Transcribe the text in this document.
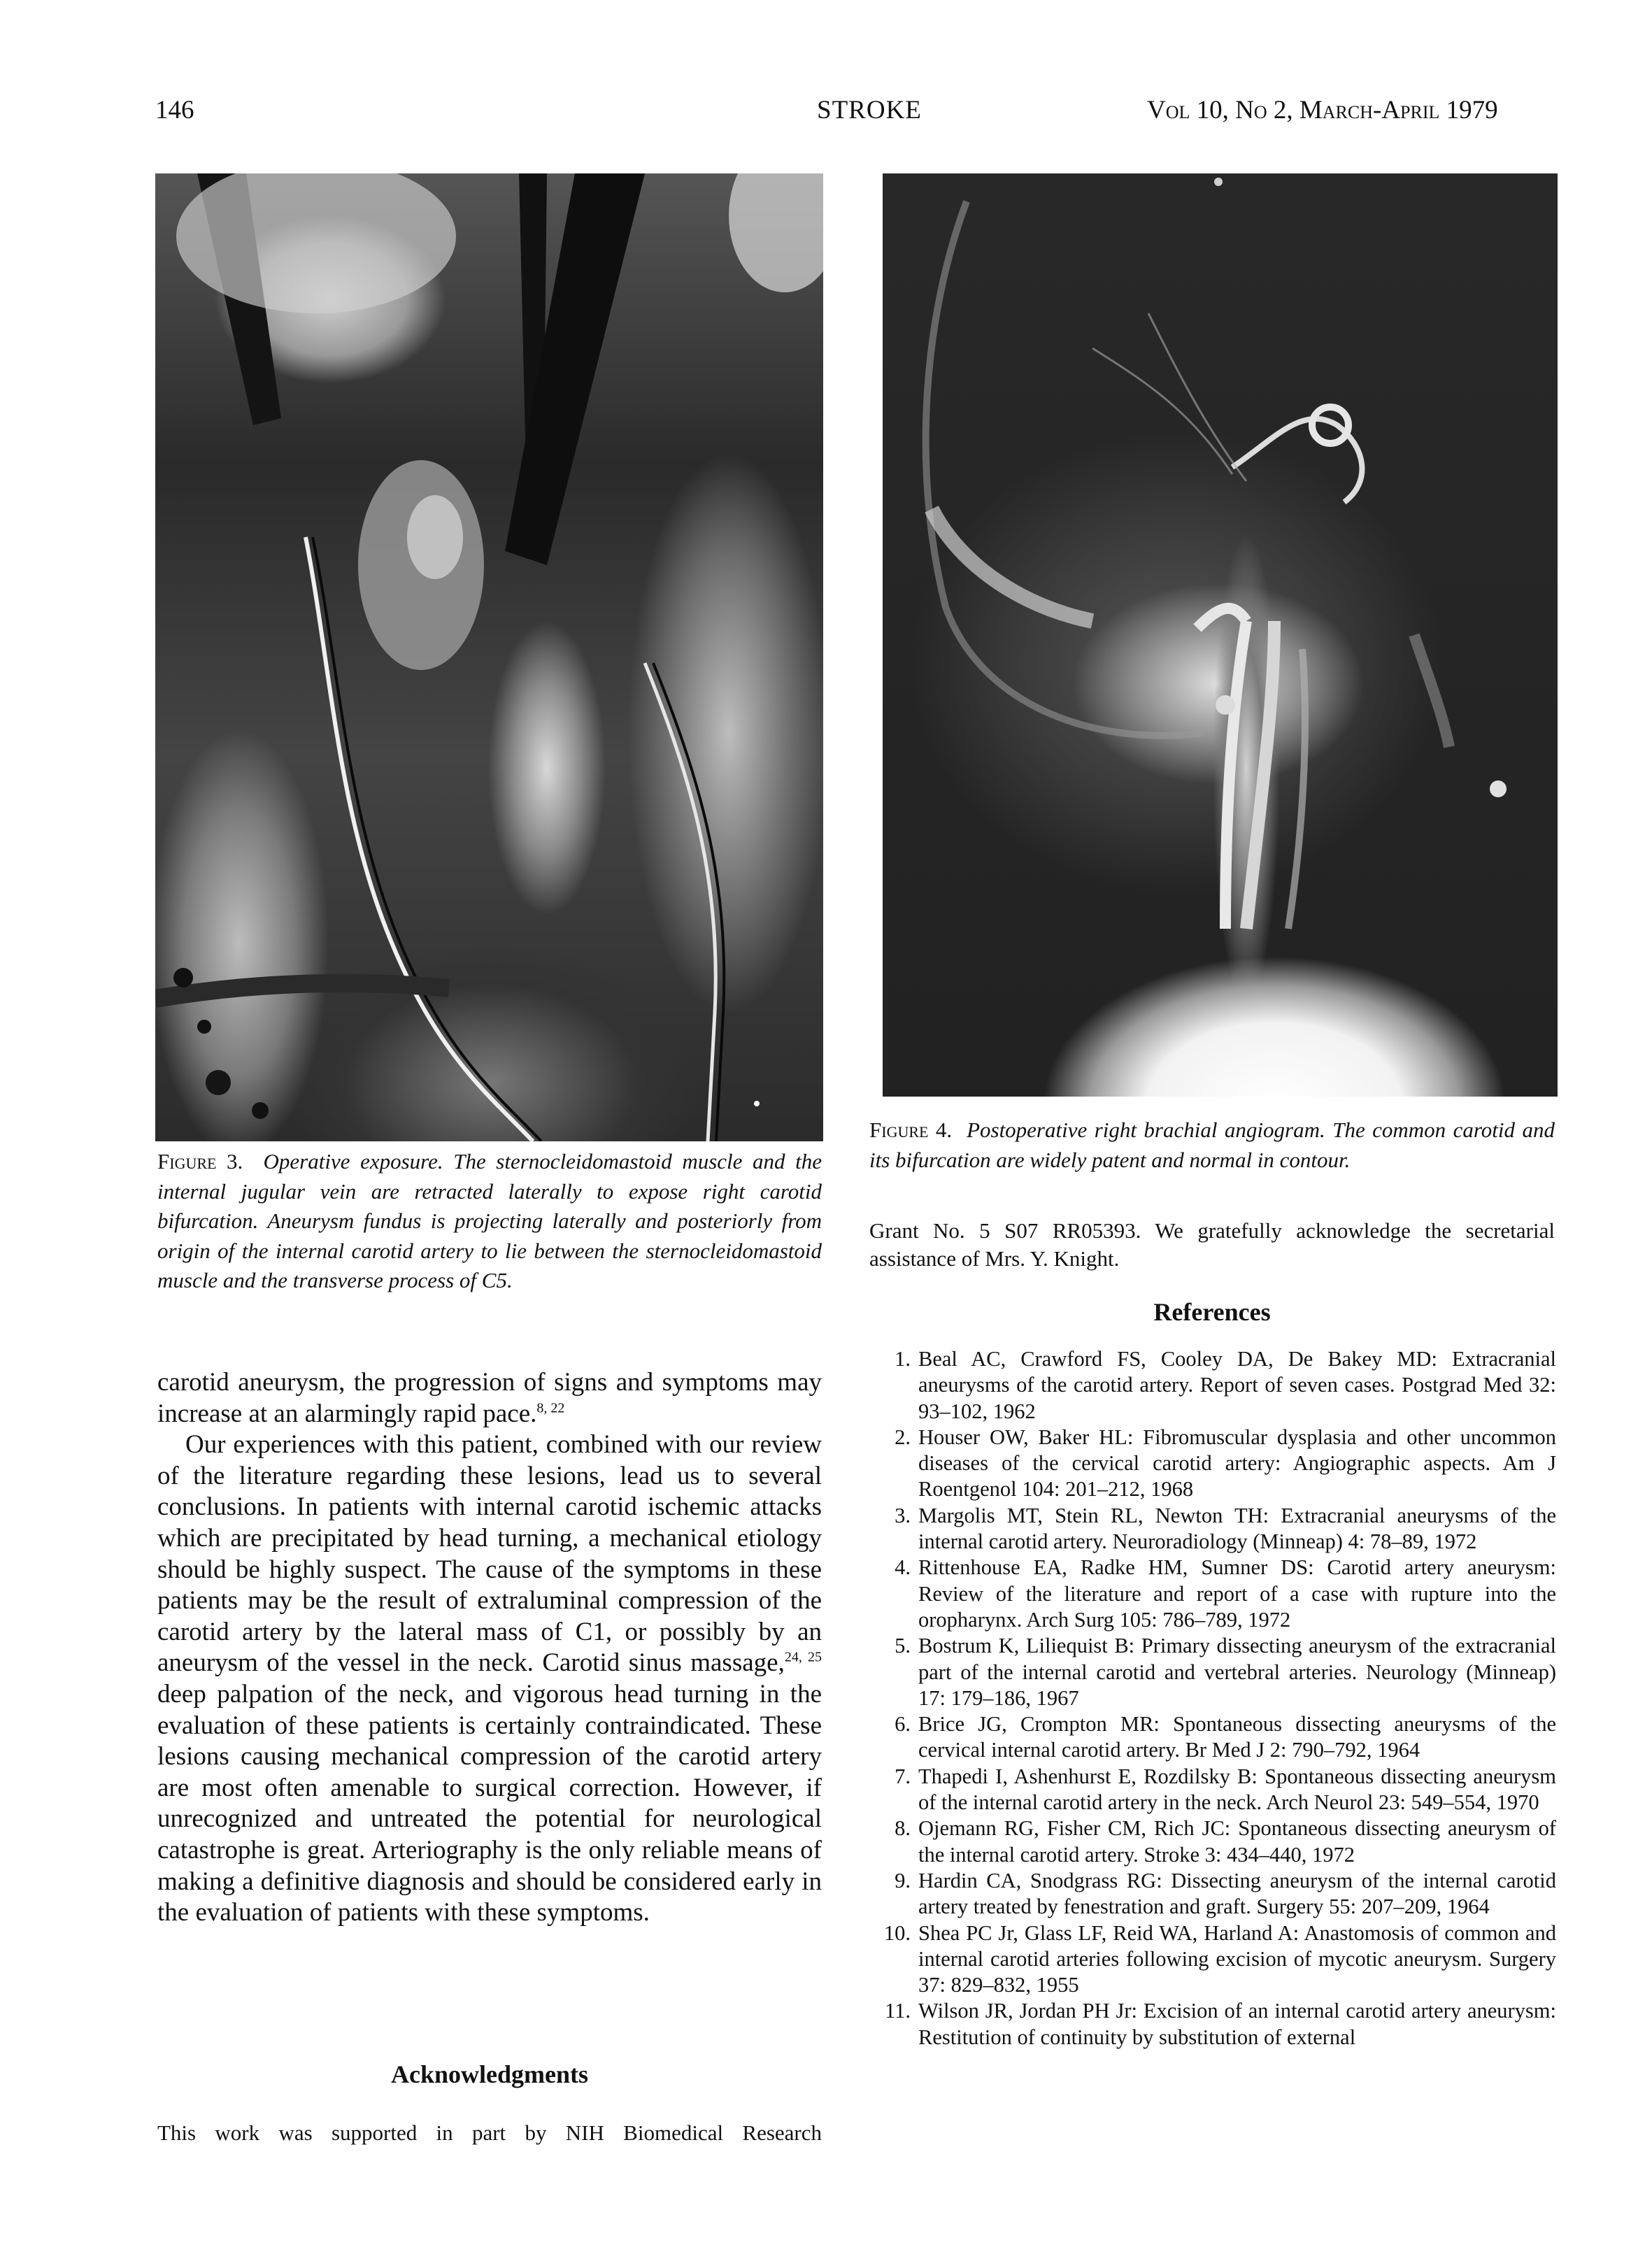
146	STROKE	Vol 10, No 2, March-April 1979
Figure 3. Operative exposure. The sternocleidomastoid muscle and the internal jugular vein are retracted laterally to expose right carotid bifurcation. Aneurysm fundus is projecting laterally and posteriorly from origin of the internal carotid artery to lie between the sternocleidomastoid muscle and the transverse process of C5.
Figure 4. Postoperative right brachial angiogram. The common carotid and its bifurcation are widely patent and normal in contour.

carotid aneurysm, the progression of signs and symptoms may increase at an alarmingly rapid pace.$^{8, 22}$

Our experiences with this patient, combined with our review of the literature regarding these lesions, lead us to several conclusions. In patients with internal carotid ischemic attacks which are precipitated by head turning, a mechanical etiology should be highly suspect. The cause of the symptoms in these patients may be the result of extraluminal compression of the carotid artery by the lateral mass of C1, or possibly by an aneurysm of the vessel in the neck. Carotid sinus massage,$^{24, 25}$ deep palpation of the neck, and vigorous head turning in the evaluation of these patients is certainly contraindicated. These lesions causing mechanical compression of the carotid artery are most often amenable to surgical correction. However, if unrecognized and untreated the potential for neurological catastrophe is great. Arteriography is the only reliable means of making a definitive diagnosis and should be considered early in the evaluation of patients with these symptoms.

Acknowledgments
This work was supported in part by NIH Biomedical Research
Grant No. 5 S07 RR05393. We gratefully acknowledge the secretarial assistance of Mrs. Y. Knight.
References
1. Beal AC, Crawford FS, Cooley DA, De Bakey MD: Extracranial aneurysms of the carotid artery. Report of seven cases. Postgrad Med 32: 93–102, 1962
2. Houser OW, Baker HL: Fibromuscular dysplasia and other uncommon diseases of the cervical carotid artery: Angiographic aspects. Am J Roentgenol 104: 201–212, 1968
3. Margolis MT, Stein RL, Newton TH: Extracranial aneurysms of the internal carotid artery. Neuroradiology (Minneap) 4: 78–89, 1972
4. Rittenhouse EA, Radke HM, Sumner DS: Carotid artery aneurysm: Review of the literature and report of a case with rupture into the oropharynx. Arch Surg 105: 786–789, 1972
5. Bostrum K, Liliequist B: Primary dissecting aneurysm of the extracranial part of the internal carotid and vertebral arteries. Neurology (Minneap) 17: 179–186, 1967
6. Brice JG, Crompton MR: Spontaneous dissecting aneurysms of the cervical internal carotid artery. Br Med J 2: 790–792, 1964
7. Thapedi I, Ashenhurst E, Rozdilsky B: Spontaneous dissecting aneurysm of the internal carotid artery in the neck. Arch Neurol 23: 549–554, 1970
8. Ojemann RG, Fisher CM, Rich JC: Spontaneous dissecting aneurysm of the internal carotid artery. Stroke 3: 434–440, 1972
9. Hardin CA, Snodgrass RG: Dissecting aneurysm of the internal carotid artery treated by fenestration and graft. Surgery 55: 207–209, 1964
10. Shea PC Jr, Glass LF, Reid WA, Harland A: Anastomosis of common and internal carotid arteries following excision of mycotic aneurysm. Surgery 37: 829–832, 1955
11. Wilson JR, Jordan PH Jr: Excision of an internal carotid artery aneurysm: Restitution of continuity by substitution of external
